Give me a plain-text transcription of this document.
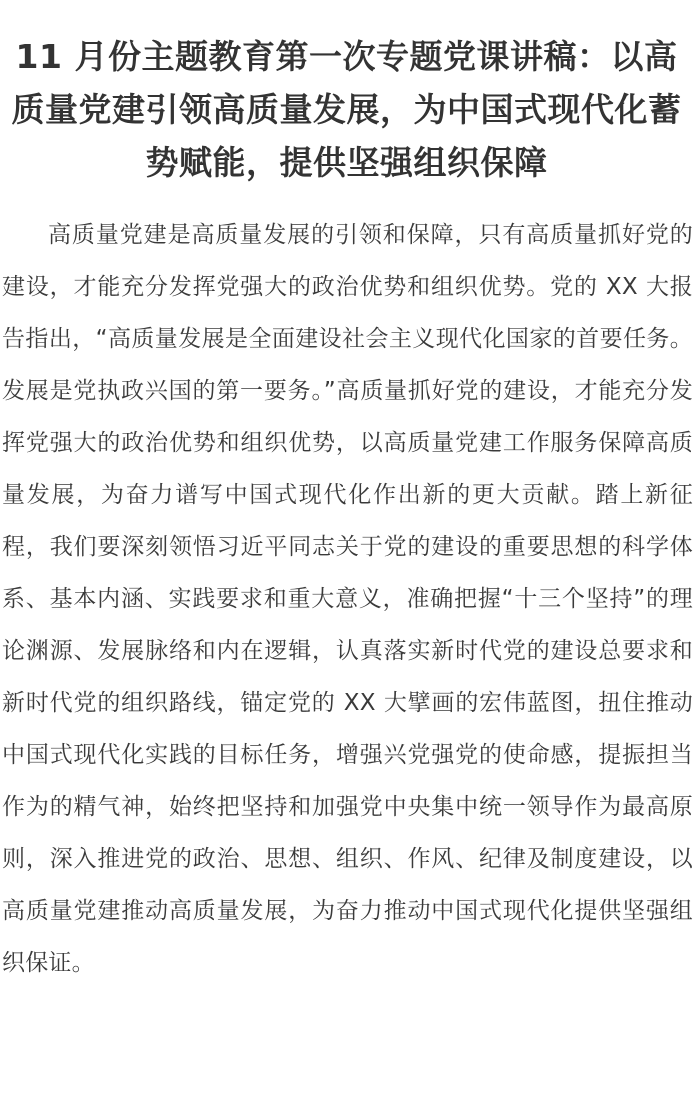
11 月份主题教育第一次专题党课讲稿：以高质量党建引领高质量发展，为中国式现代化蓄势赋能，提供坚强组织保障
高质量党建是高质量发展的引领和保障，只有高质量抓好党的建设，才能充分发挥党强大的政治优势和组织优势。党的 XX 大报告指出，“高质量发展是全面建设社会主义现代化国家的首要任务。发展是党执政兴国的第一要务。”高质量抓好党的建设，才能充分发挥党强大的政治优势和组织优势，以高质量党建工作服务保障高质量发展，为奋力谱写中国式现代化作出新的更大贡献。踏上新征程，我们要深刻领悟习近平同志关于党的建设的重要思想的科学体系、基本内涵、实践要求和重大意义，准确把握“十三个坚持”的理论渊源、发展脉络和内在逻辑，认真落实新时代党的建设总要求和新时代党的组织路线，锚定党的 XX 大擘画的宏伟蓝图，扭住推动中国式现代化实践的目标任务，增强兴党强党的使命感，提振担当作为的精气神，始终把坚持和加强党中央集中统一领导作为最高原则，深入推进党的政治、思想、组织、作风、纪律及制度建设，以高质量党建推动高质量发展，为奋力推动中国式现代化提供坚强组织保证。
